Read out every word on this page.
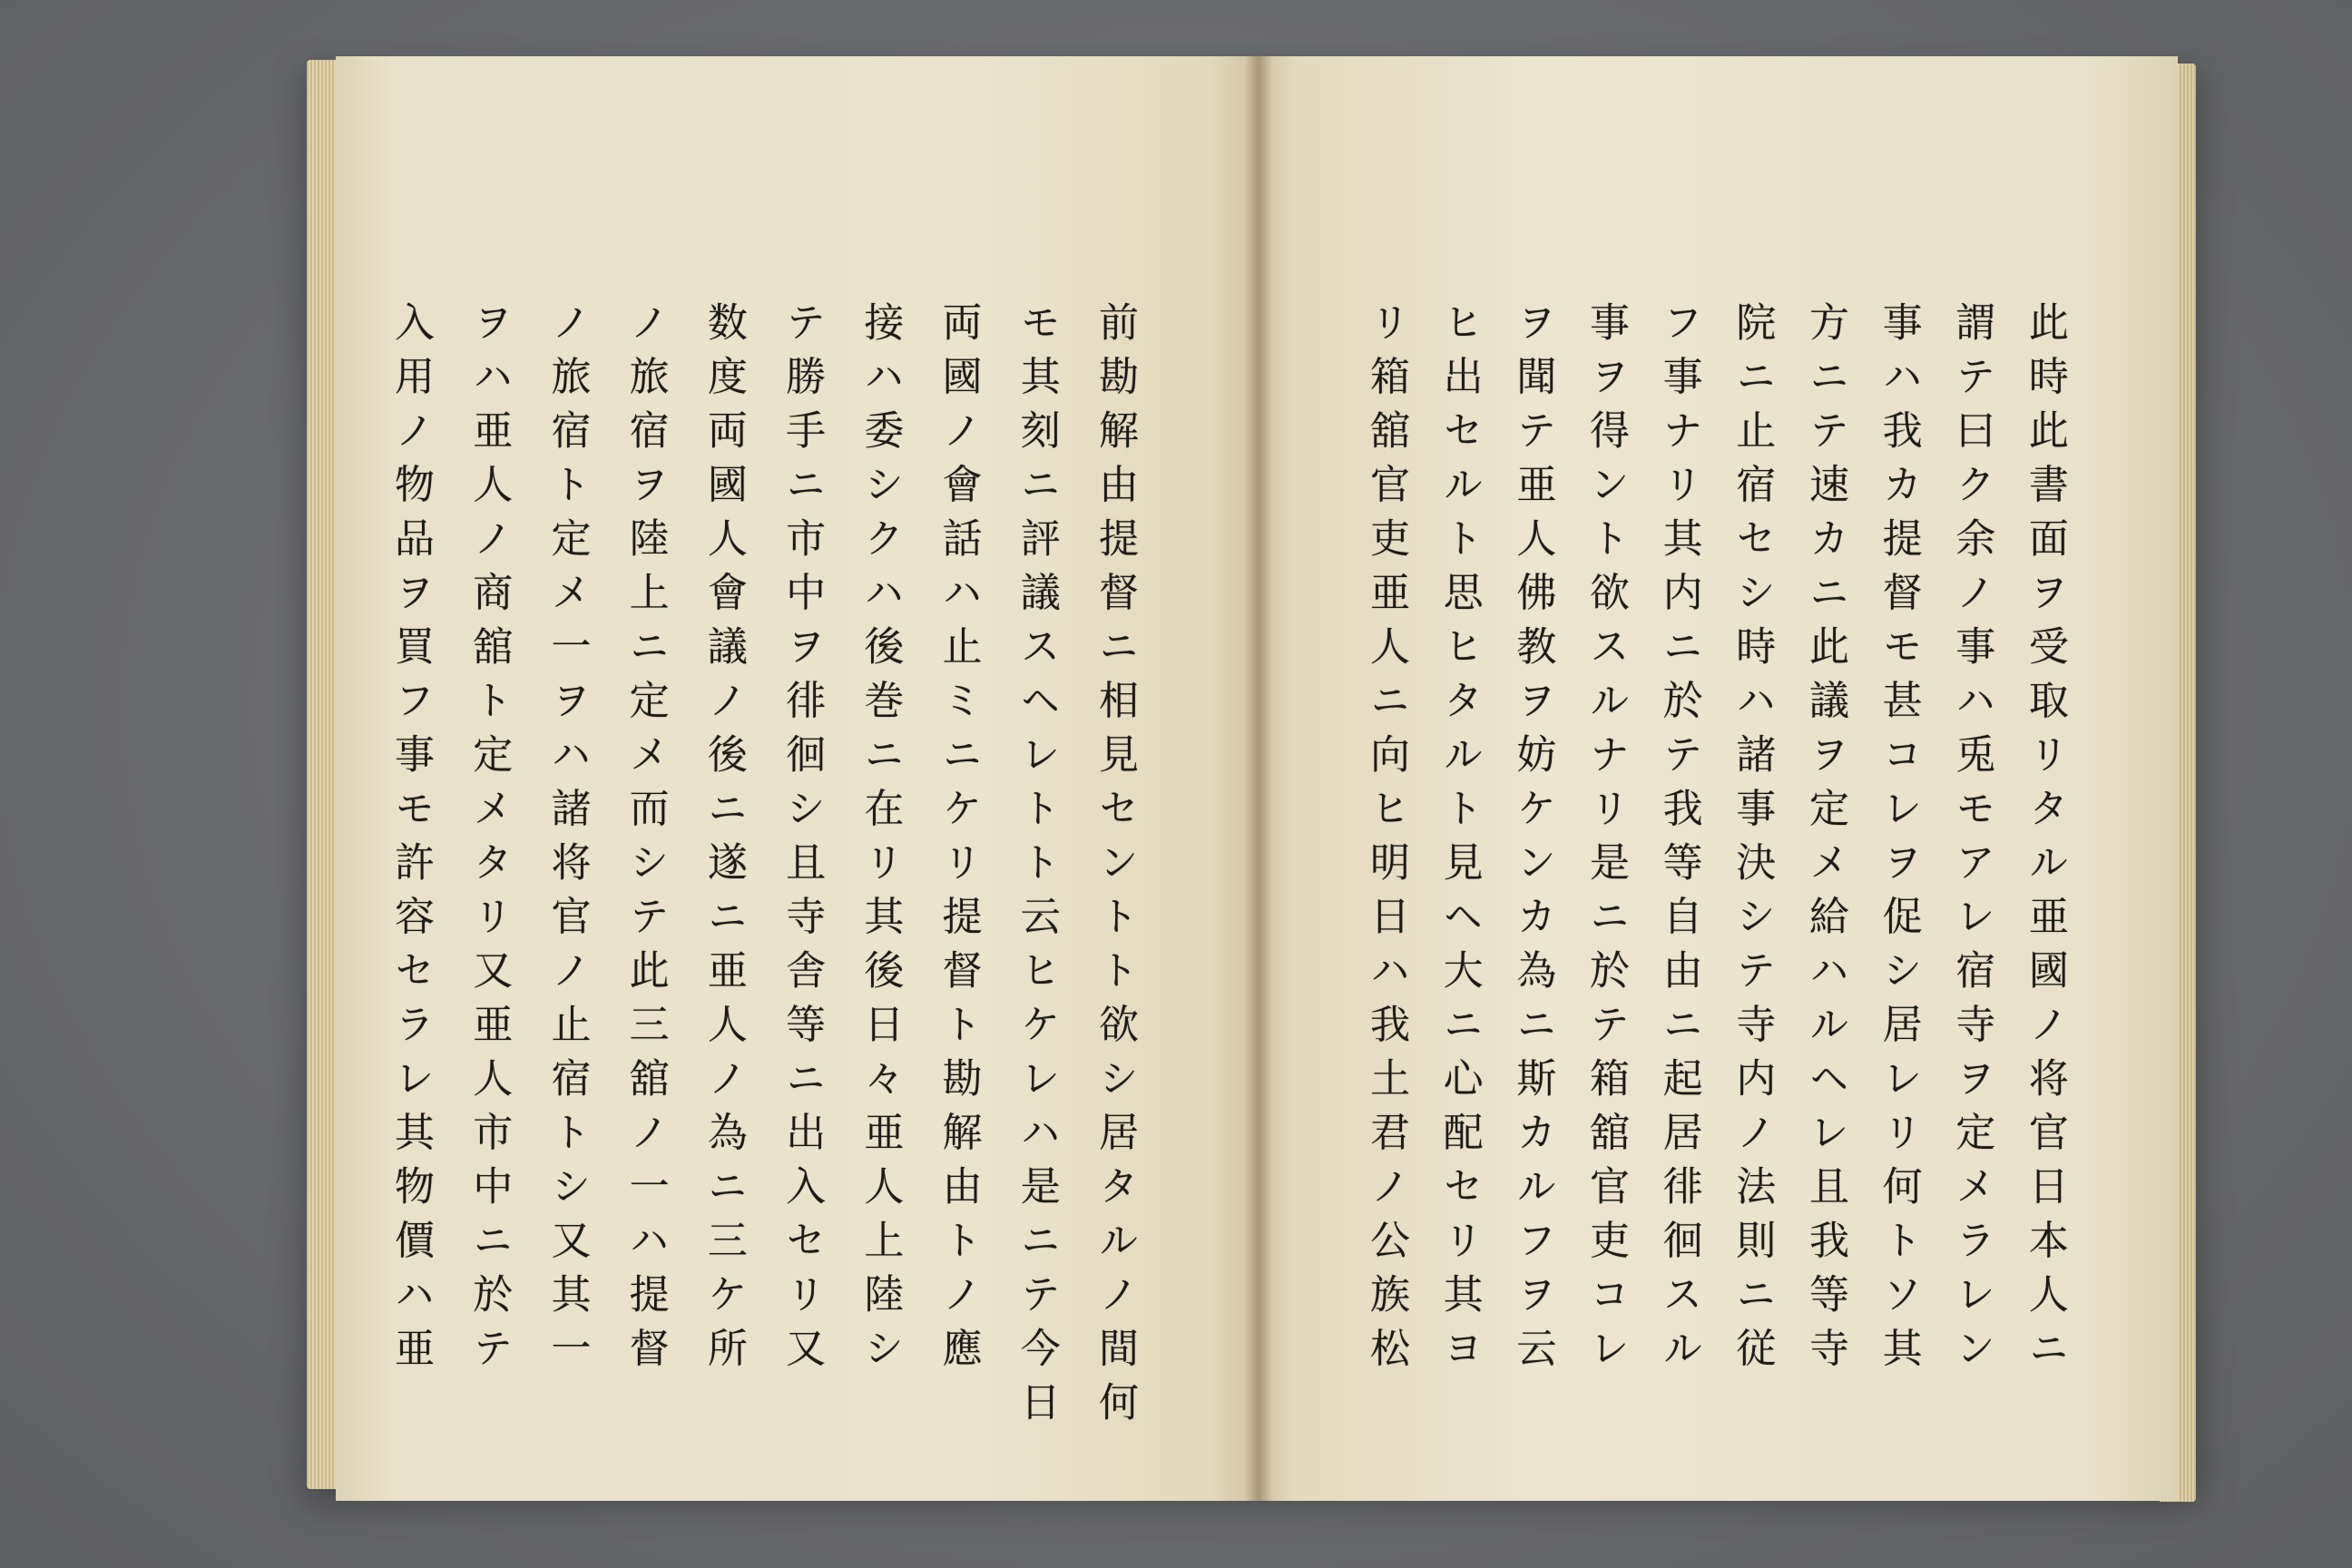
前勘解由提督ニ相見セントト欲シ居タルノ間何
モ其刻ニ評議スヘレトト云ヒケレハ是ニテ今日
両國ノ會話ハ止ミニケリ提督ト勘解由トノ應
接ハ委シクハ後巻ニ在リ其後日々亜人上陸シ
テ勝手ニ市中ヲ徘徊シ且寺舎等ニ出入セリ又
数度両國人會議ノ後ニ遂ニ亜人ノ為ニ三ケ所
ノ旅宿ヲ陸上ニ定メ而シテ此三舘ノ一ハ提督
ノ旅宿ト定メ一ヲハ諸将官ノ止宿トシ又其一
ヲハ亜人ノ商舘ト定メタリ又亜人市中ニ於テ
入用ノ物品ヲ買フ事モ許容セラレ其物價ハ亜	此時此書面ヲ受取リタル亜國ノ将官日本人ニ
謂テ曰ク余ノ事ハ兎モアレ宿寺ヲ定メラレン
事ハ我カ提督モ甚コレヲ促シ居レリ何トソ其
方ニテ速カニ此議ヲ定メ給ハルヘレ且我等寺
院ニ止宿セシ時ハ諸事決シテ寺内ノ法則ニ従
フ事ナリ其内ニ於テ我等自由ニ起居徘徊スル
事ヲ得ント欲スルナリ是ニ於テ箱舘官吏コレ
ヲ聞テ亜人佛教ヲ妨ケンカ為ニ斯カルフヲ云
ヒ出セルト思ヒタルト見ヘ大ニ心配セリ其ヨ
リ箱舘官吏亜人ニ向ヒ明日ハ我土君ノ公族松
